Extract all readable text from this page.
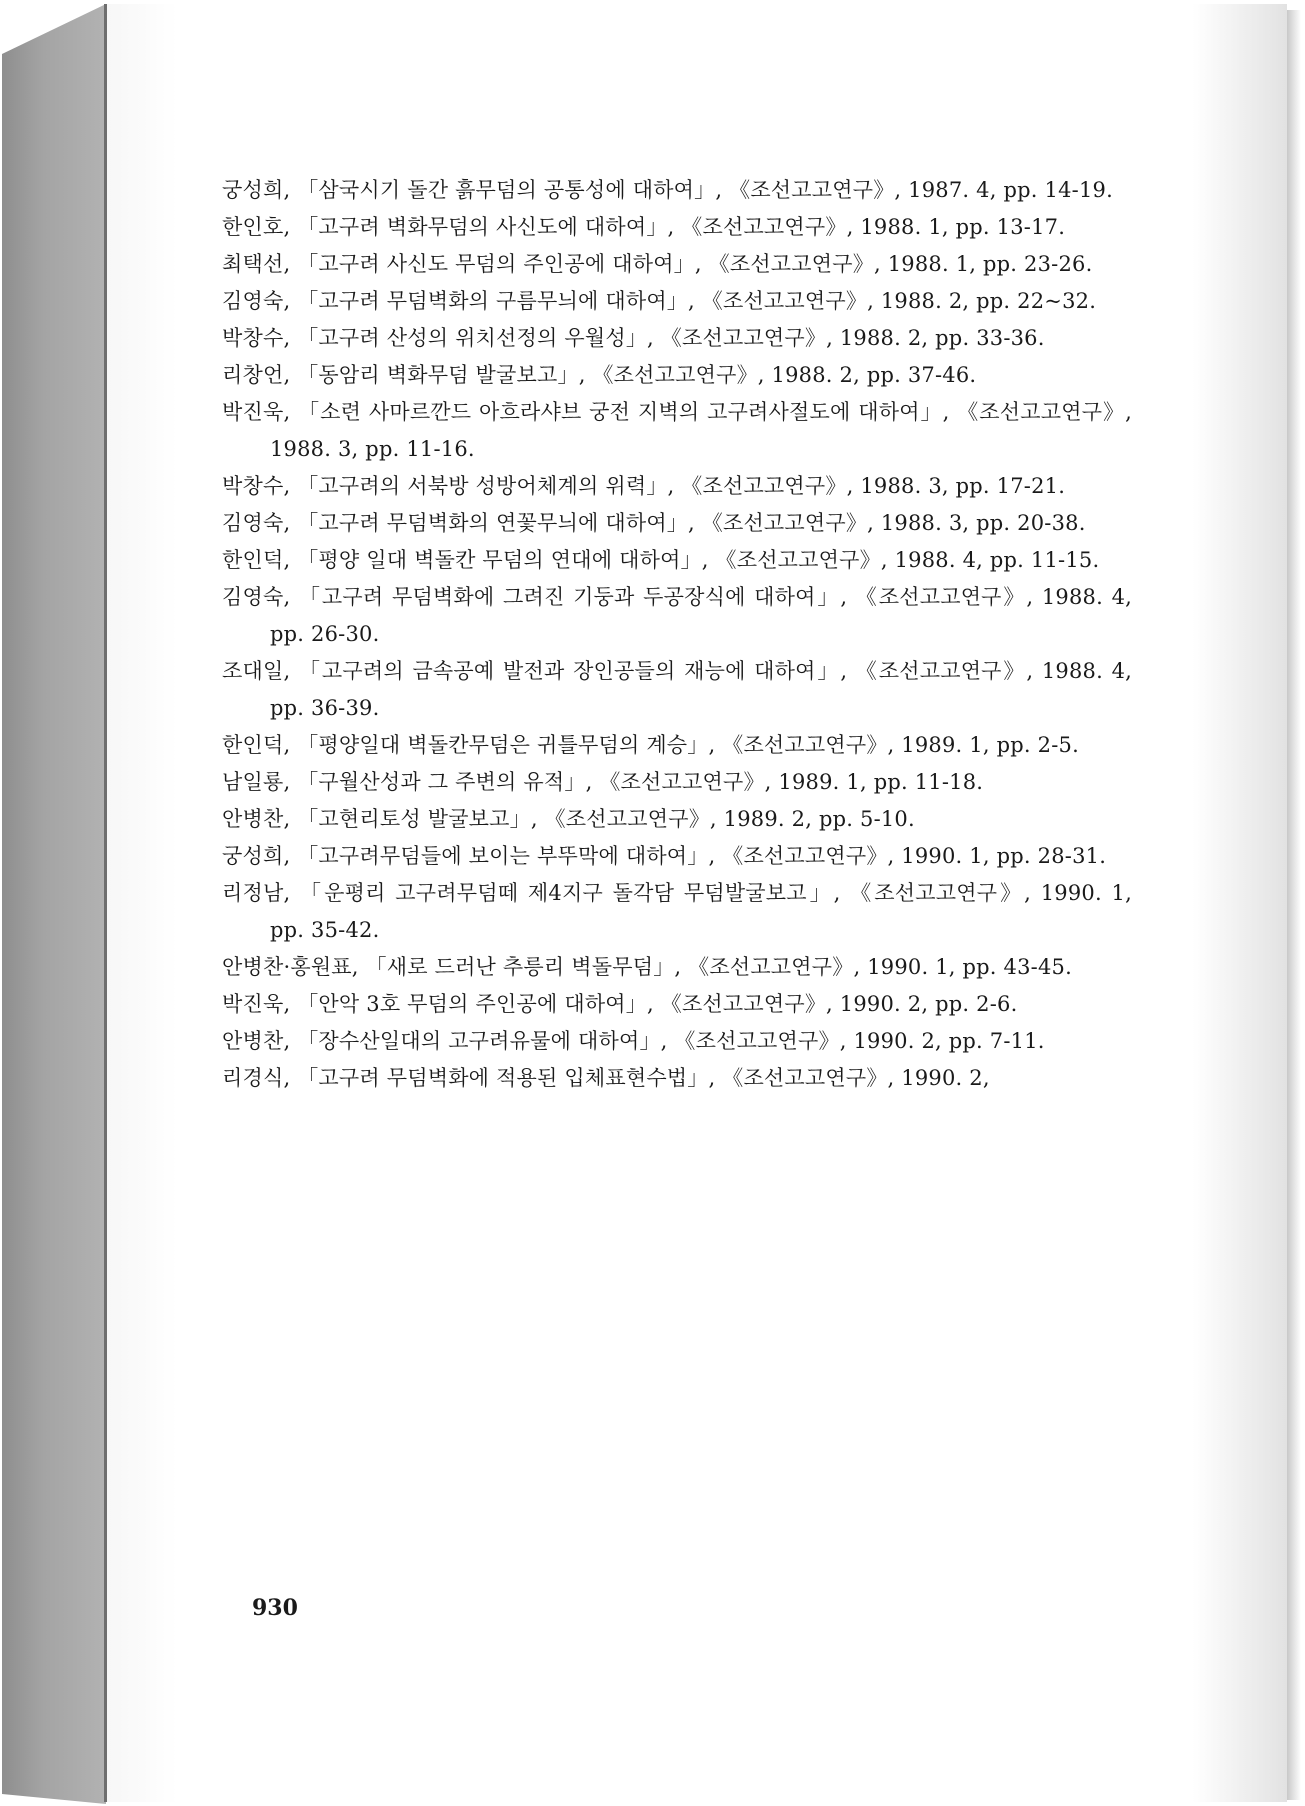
궁성희, 「삼국시기 돌간 흙무덤의 공통성에 대하여」, 《조선고고연구》, 1987. 4, pp. 14-19.

한인호, 「고구려 벽화무덤의 사신도에 대하여」, 《조선고고연구》, 1988. 1, pp. 13-17.

최택선, 「고구려 사신도 무덤의 주인공에 대하여」, 《조선고고연구》, 1988. 1, pp. 23-26.

김영숙, 「고구려 무덤벽화의 구름무늬에 대하여」, 《조선고고연구》, 1988. 2, pp. 22~32.

박창수, 「고구려 산성의 위치선정의 우월성」, 《조선고고연구》, 1988. 2, pp. 33-36.

리창언, 「동암리 벽화무덤 발굴보고」, 《조선고고연구》, 1988. 2, pp. 37-46.

박진욱, 「소련 사마르깐드 아흐라샤브 궁전 지벽의 고구려사절도에 대하여」, 《조선고고연구》, 1988. 3, pp. 11-16.

박창수, 「고구려의 서북방 성방어체계의 위력」, 《조선고고연구》, 1988. 3, pp. 17-21.

김영숙, 「고구려 무덤벽화의 연꽃무늬에 대하여」, 《조선고고연구》, 1988. 3, pp. 20-38.

한인덕, 「평양 일대 벽돌칸 무덤의 연대에 대하여」, 《조선고고연구》, 1988. 4, pp. 11-15.

김영숙, 「고구려 무덤벽화에 그려진 기둥과 두공장식에 대하여」, 《조선고고연구》, 1988. 4, pp. 26-30.

조대일, 「고구려의 금속공예 발전과 장인공들의 재능에 대하여」, 《조선고고연구》, 1988. 4, pp. 36-39.

한인덕, 「평양일대 벽돌칸무덤은 귀틀무덤의 계승」, 《조선고고연구》, 1989. 1, pp. 2-5.

남일룡, 「구월산성과 그 주변의 유적」, 《조선고고연구》, 1989. 1, pp. 11-18.

안병찬, 「고현리토성 발굴보고」, 《조선고고연구》, 1989. 2, pp. 5-10.

궁성희, 「고구려무덤들에 보이는 부뚜막에 대하여」, 《조선고고연구》, 1990. 1, pp. 28-31.

리정남, 「운평리 고구려무덤떼 제4지구 돌각담 무덤발굴보고」, 《조선고고연구》, 1990. 1, pp. 35-42.

안병찬·홍원표, 「새로 드러난 추릉리 벽돌무덤」, 《조선고고연구》, 1990. 1, pp. 43-45.

박진욱, 「안악 3호 무덤의 주인공에 대하여」, 《조선고고연구》, 1990. 2, pp. 2-6.

안병찬, 「장수산일대의 고구려유물에 대하여」, 《조선고고연구》, 1990. 2, pp. 7-11.

리경식, 「고구려 무덤벽화에 적용된 입체표현수법」, 《조선고고연구》, 1990. 2,

930
